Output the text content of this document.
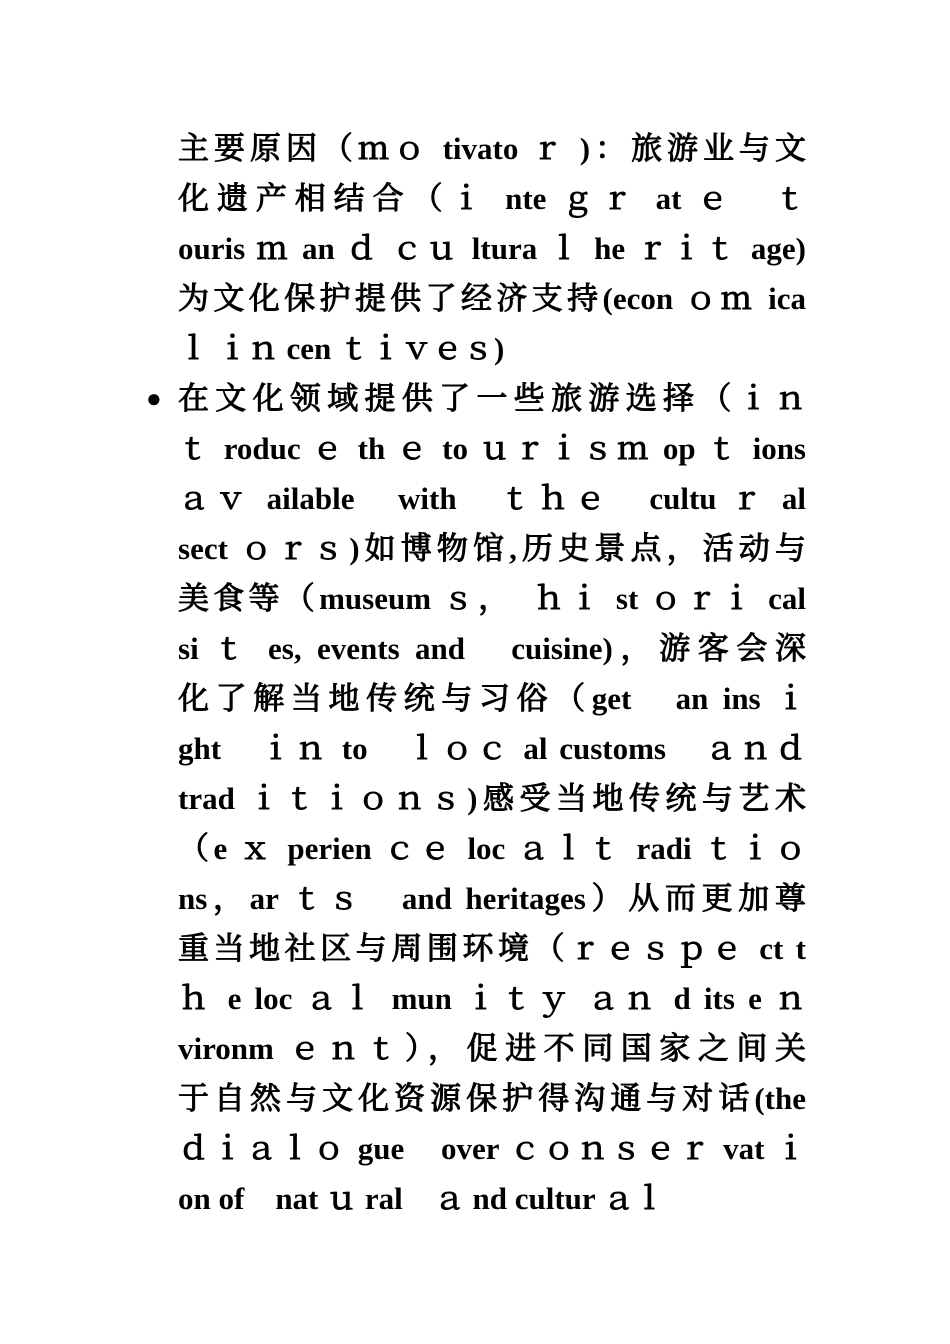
主要原因（ｍｏ tivato ｒ )：旅游业与文
化遗产相结合（ｉ nte ｇｒ at ｅ　ｔ
ouris ｍ an ｄ ｃｕ ltura ｌ he ｒｉｔ age)
为文化保护提供了经济支持(econ ｏｍ ica
ｌ ｉｎ cen ｔｉｖｅｓ)
● 在文化领域提供了一些旅游选择（ｉｎ
ｔ roduc ｅ th ｅ to ｕｒｉｓｍ op ｔ ions
ａｖ ailable　with　ｔｈｅ　cultu ｒ al
sect ｏｒｓ)如博物馆,历史景点，活动与
美食等（museum ｓ，　ｈｉ st ｏｒｉ cal
si ｔ es, events and　cuisine)，游客会深
化了解当地传统与习俗（get　an ins ｉ
ght　ｉｎ to　ｌｏｃ al customs　ａｎｄ
trad ｉｔｉｏｎｓ)感受当地传统与艺术
（e ｘ perien ｃｅ loc ａｌｔ radi ｔｉｏ
ns，ar ｔｓ　and heritages）从而更加尊
重当地社区与周围环境（ｒｅｓｐｅ ct t
ｈ e loc ａｌ mun ｉｔｙ ａｎ d its e ｎ
vironm ｅｎｔ），促进不同国家之间关
于自然与文化资源保护得沟通与对话(the
ｄｉａｌｏ gue　over ｃｏｎｓｅｒ vat ｉ
on of　nat ｕ ral　ａ nd cultur ａｌ
